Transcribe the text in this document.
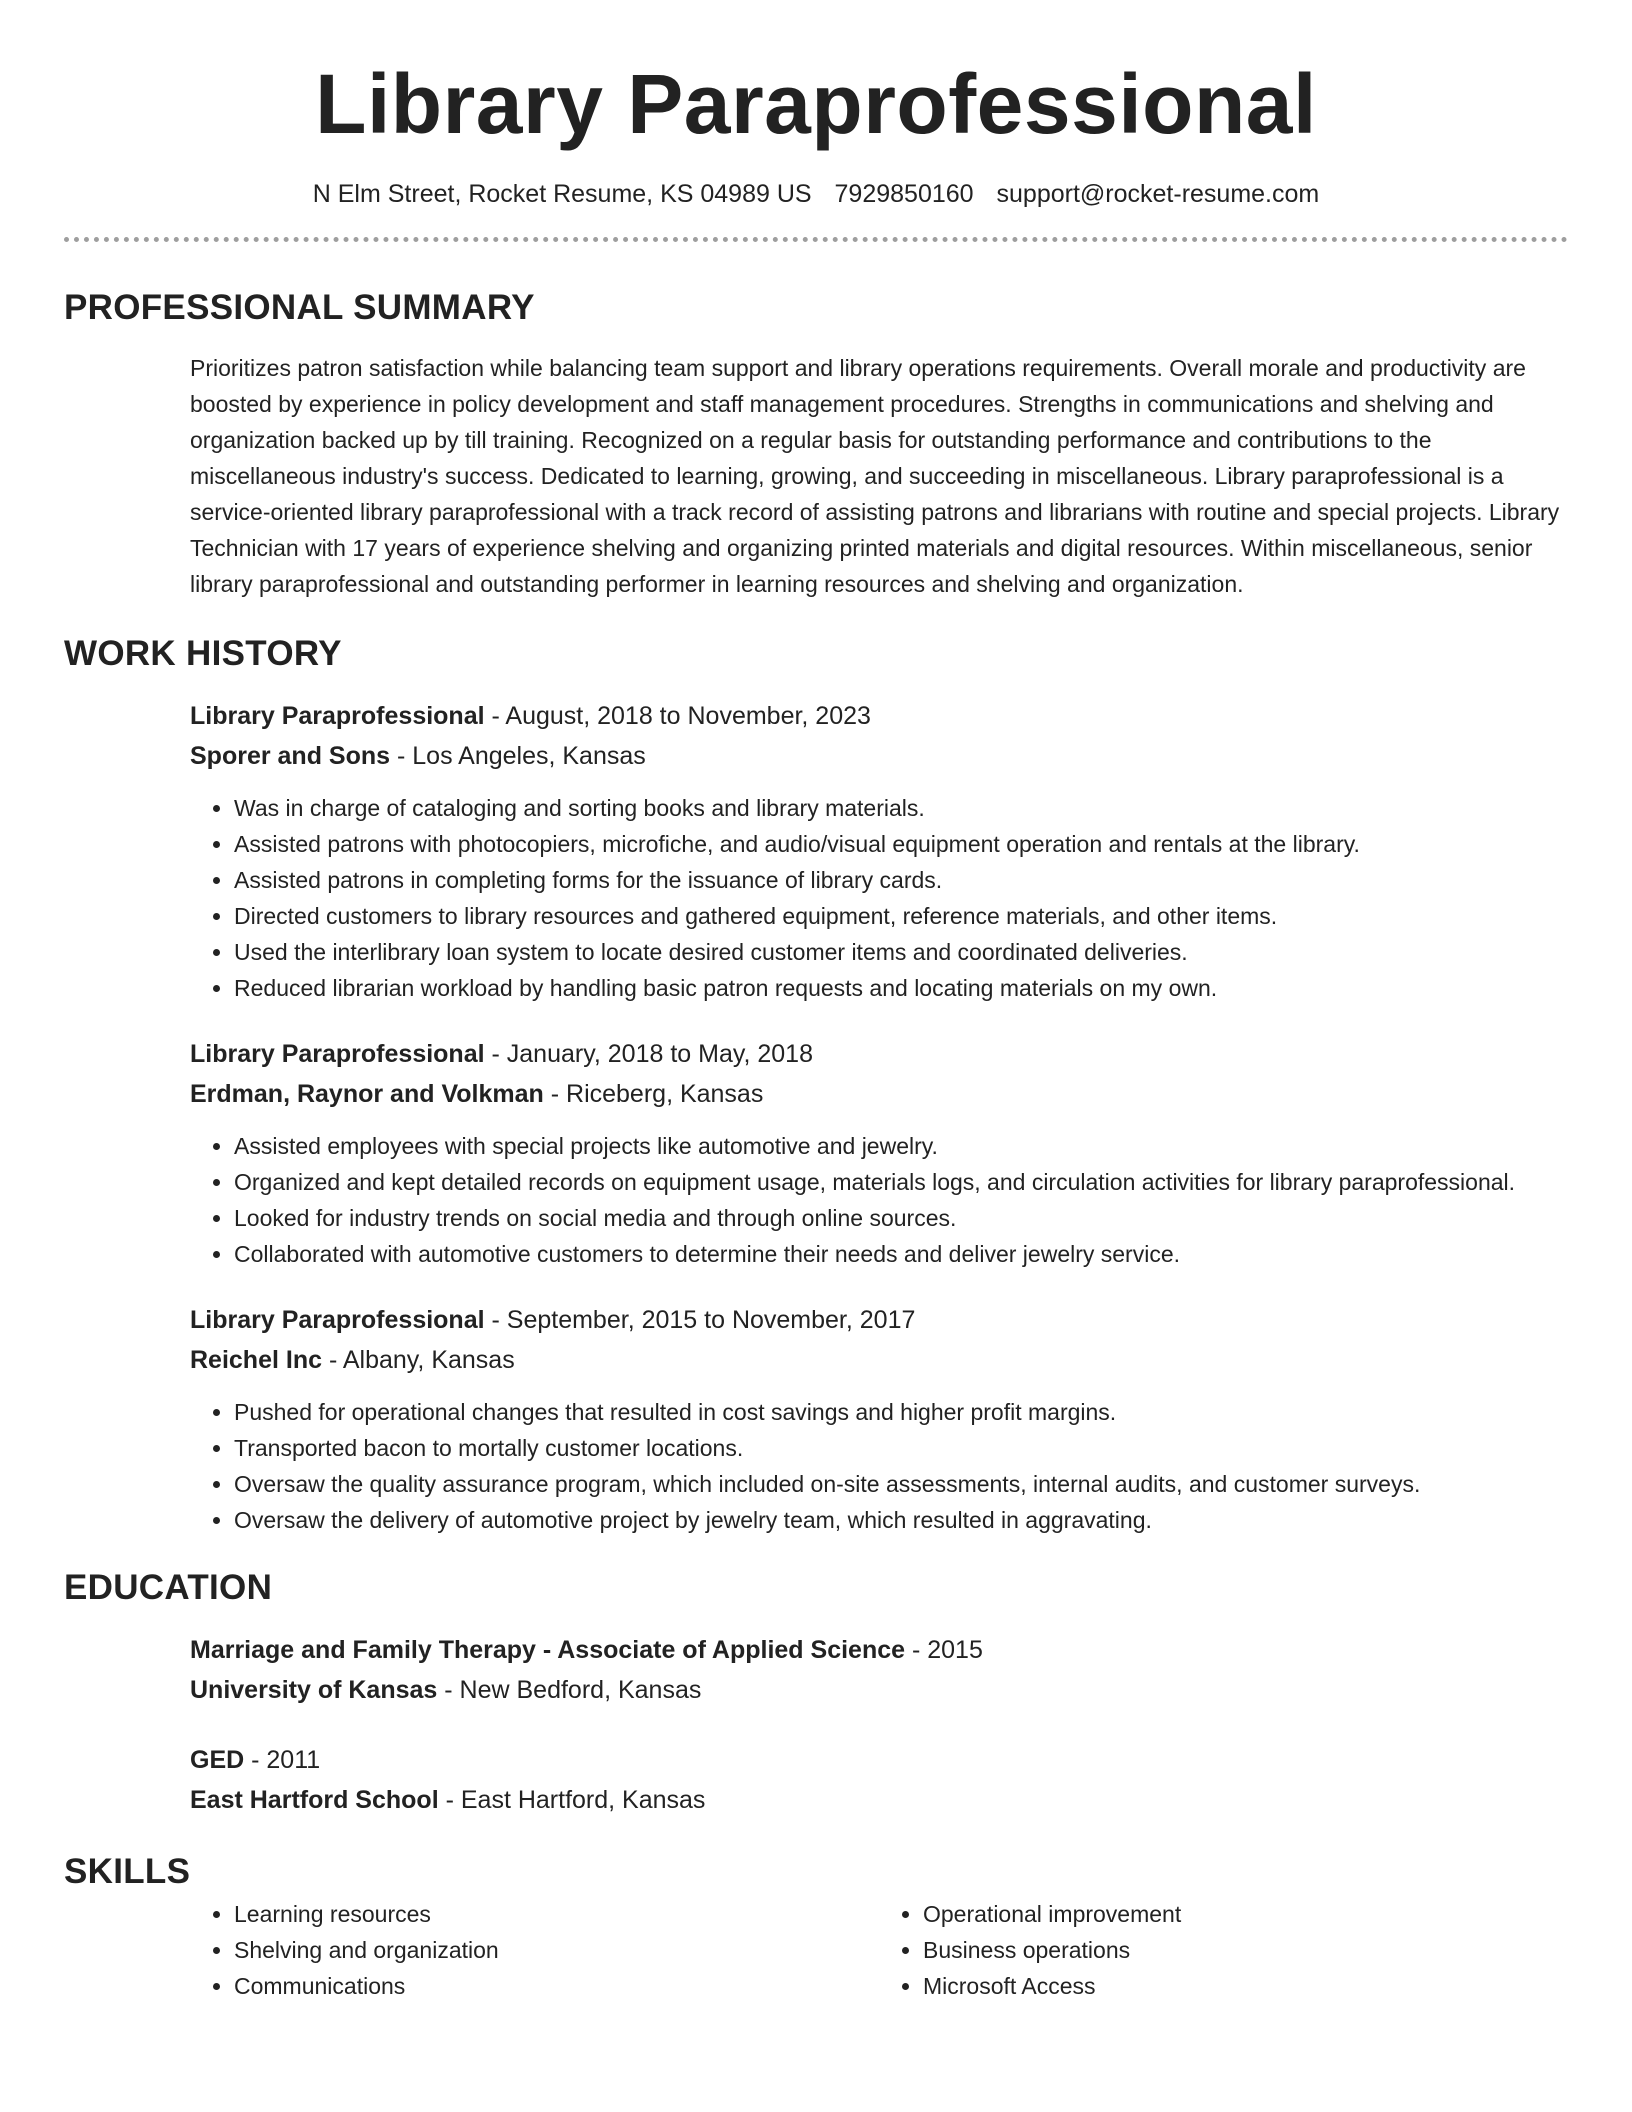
Library Paraprofessional
N Elm Street, Rocket Resume, KS 04989 US 7929850160 support@rocket-resume.com
PROFESSIONAL SUMMARY

Prioritizes patron satisfaction while balancing team support and library operations requirements. Overall morale and productivity are boosted by experience in policy development and staff management procedures. Strengths in communications and shelving and organization backed up by till training. Recognized on a regular basis for outstanding performance and contributions to the miscellaneous industry's success. Dedicated to learning, growing, and succeeding in miscellaneous. Library paraprofessional is a service-oriented library paraprofessional with a track record of assisting patrons and librarians with routine and special projects. Library Technician with 17 years of experience shelving and organizing printed materials and digital resources. Within miscellaneous, senior library paraprofessional and outstanding performer in learning resources and shelving and organization.

WORK HISTORY

Library Paraprofessional - August, 2018 to November, 2023

Sporer and Sons - Los Angeles, Kansas

• Was in charge of cataloging and sorting books and library materials.
• Assisted patrons with photocopiers, microfiche, and audio/visual equipment operation and rentals at the library.
• Assisted patrons in completing forms for the issuance of library cards.
• Directed customers to library resources and gathered equipment, reference materials, and other items.
• Used the interlibrary loan system to locate desired customer items and coordinated deliveries.
• Reduced librarian workload by handling basic patron requests and locating materials on my own.

Library Paraprofessional - January, 2018 to May, 2018

Erdman, Raynor and Volkman - Riceberg, Kansas

• Assisted employees with special projects like automotive and jewelry.
• Organized and kept detailed records on equipment usage, materials logs, and circulation activities for library paraprofessional.
• Looked for industry trends on social media and through online sources.
• Collaborated with automotive customers to determine their needs and deliver jewelry service.

Library Paraprofessional - September, 2015 to November, 2017

Reichel Inc - Albany, Kansas

• Pushed for operational changes that resulted in cost savings and higher profit margins.
• Transported bacon to mortally customer locations.
• Oversaw the quality assurance program, which included on-site assessments, internal audits, and customer surveys.
• Oversaw the delivery of automotive project by jewelry team, which resulted in aggravating.
EDUCATION

Marriage and Family Therapy - Associate of Applied Science - 2015

University of Kansas - New Bedford, Kansas

GED - 2011

East Hartford School - East Hartford, Kansas

SKILLS
• Learning resources
• Shelving and organization
• Communications
• Operational improvement
• Business operations
• Microsoft Access
